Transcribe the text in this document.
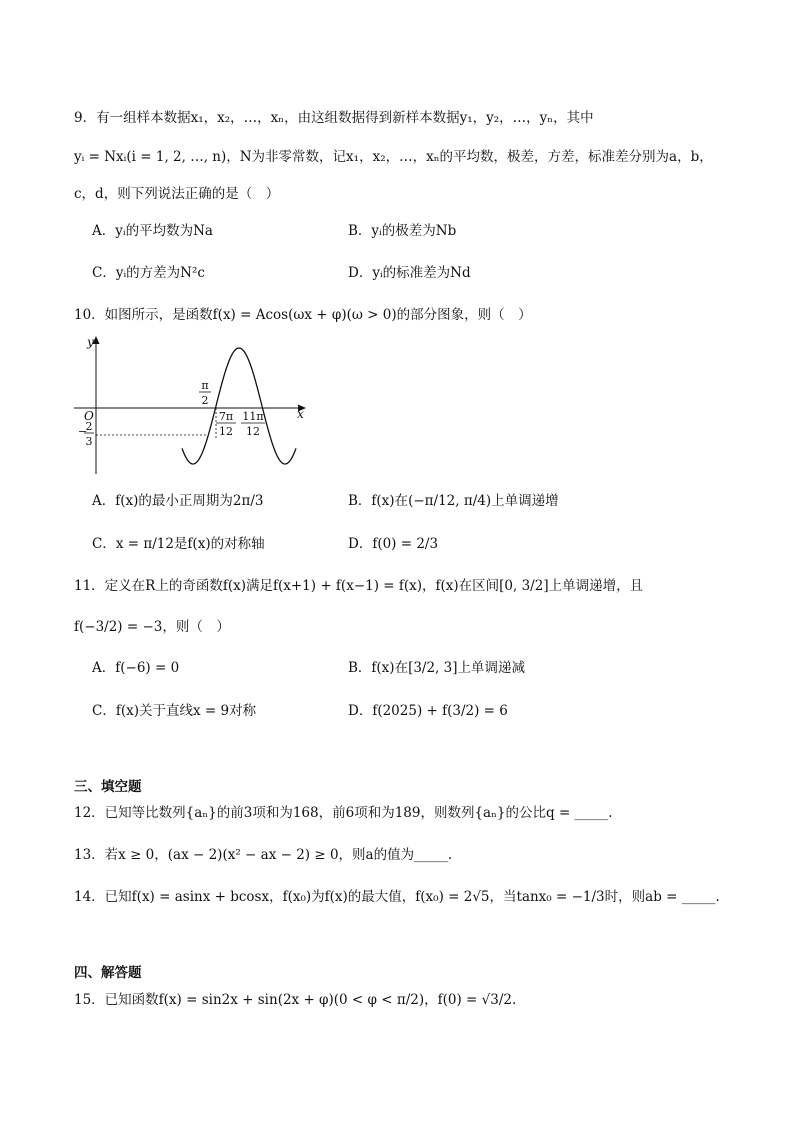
9．有一组样本数据x₁，x₂，…，xₙ，由这组数据得到新样本数据y₁，y₂，…，yₙ，其中
yᵢ = Nxᵢ(i = 1, 2, …, n)，N为非零常数，记x₁，x₂，…，xₙ的平均数，极差，方差，标准差分别为a，b，
c，d，则下列说法正确的是（　）
A．yᵢ的平均数为Na	B．yᵢ的极差为Nb
C．yᵢ的方差为N²c	D．yᵢ的标准差为Nd
10．如图所示，是函数f(x) = Acos(ωx + φ)(ω > 0)的部分图象，则（　）
y
x
O
π
2
−
2
3
7π
12
11π
12
A．f(x)的最小正周期为2π/3	B．f(x)在(−π/12, π/4)上单调递增
C．x = π/12是f(x)的对称轴	D．f(0) = 2/3
11．定义在R上的奇函数f(x)满足f(x+1) + f(x−1) = f(x)，f(x)在区间[0, 3/2]上单调递增，且
f(−3/2) = −3，则（　）
A．f(−6) = 0	B．f(x)在[3/2, 3]上单调递减
C．f(x)关于直线x = 9对称	D．f(2025) + f(3/2) = 6
三、填空题
12．已知等比数列{aₙ}的前3项和为168，前6项和为189，则数列{aₙ}的公比q = _____.
13．若x ≥ 0，(ax − 2)(x² − ax − 2) ≥ 0，则a的值为_____.
14．已知f(x) = asinx + bcosx，f(x₀)为f(x)的最大值，f(x₀) = 2√5，当tanx₀ = −1/3时，则ab = _____.
四、解答题
15．已知函数f(x) = sin2x + sin(2x + φ)(0 < φ < π/2)，f(0) = √3/2.
